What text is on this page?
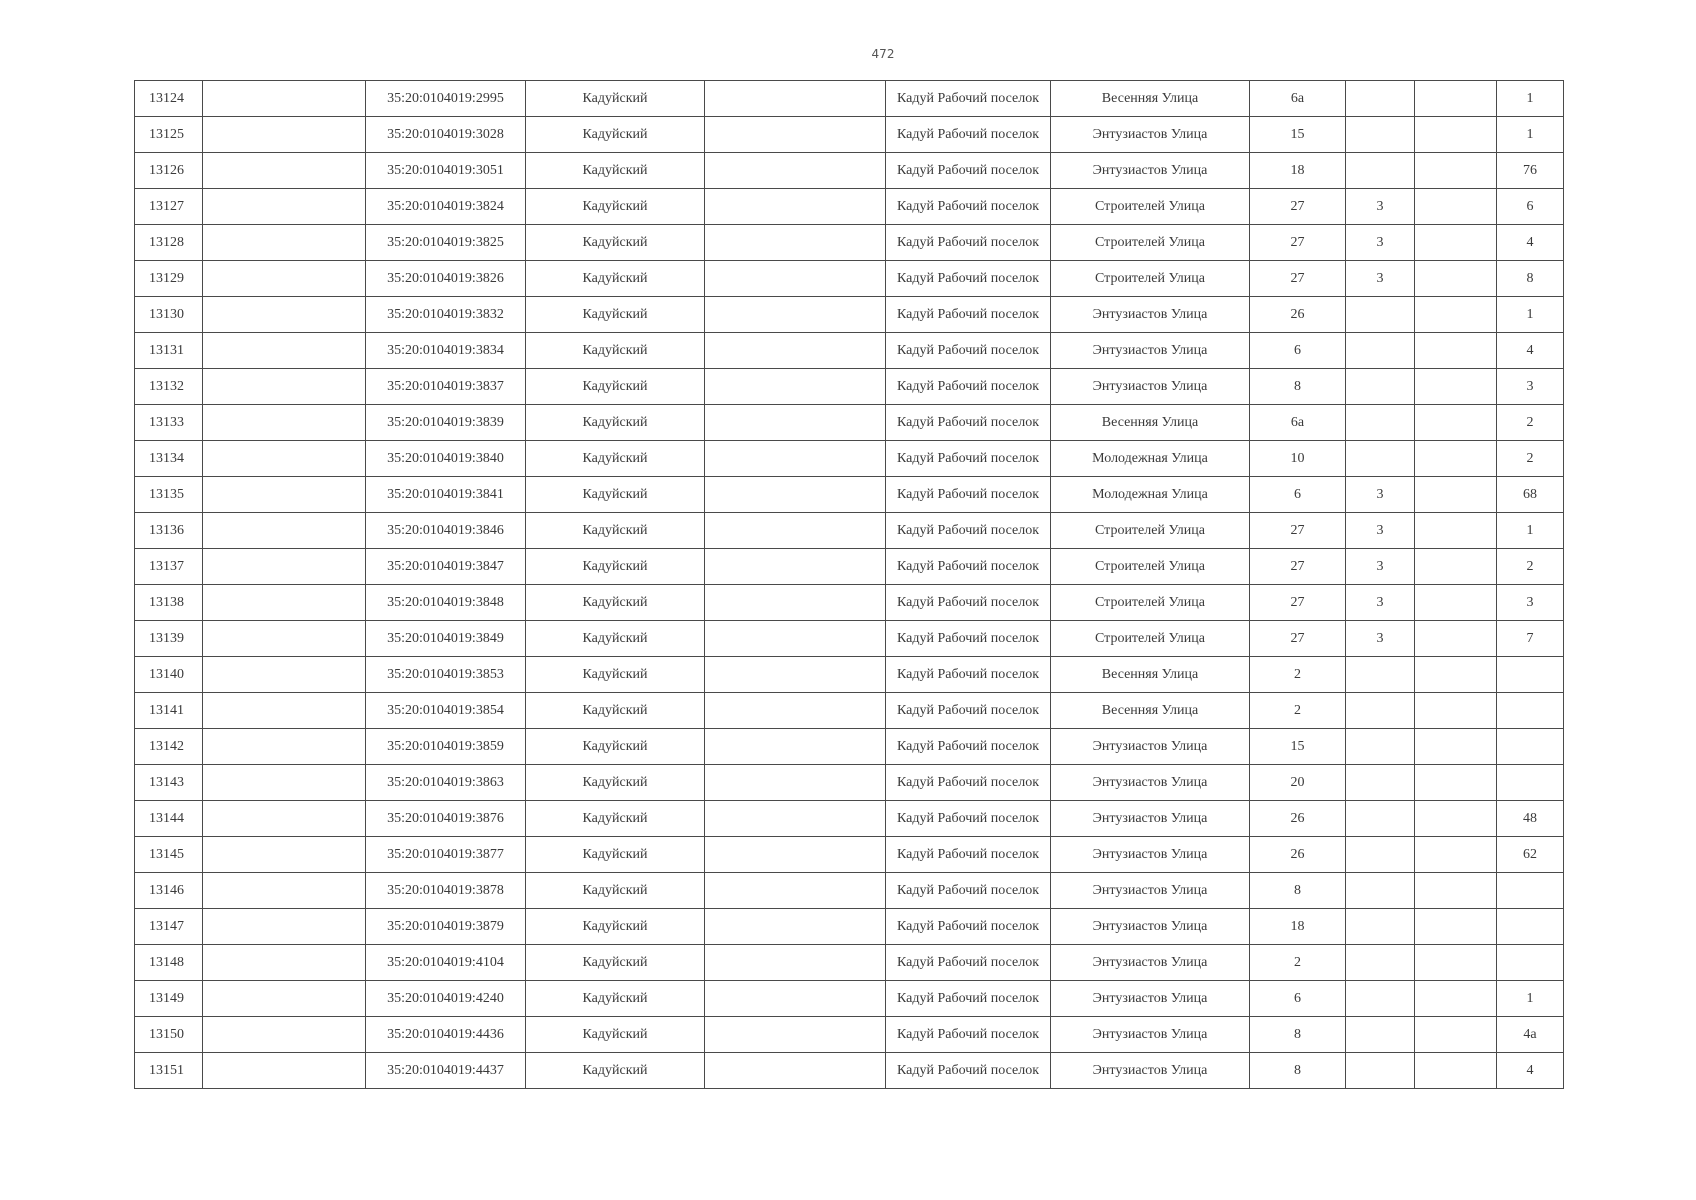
472
13124		35:20:0104019:2995	Кадуйский		Кадуй Рабочий поселок	Весенняя Улица	6а			1
13125		35:20:0104019:3028	Кадуйский		Кадуй Рабочий поселок	Энтузиастов Улица	15			1
13126		35:20:0104019:3051	Кадуйский		Кадуй Рабочий поселок	Энтузиастов Улица	18			76
13127		35:20:0104019:3824	Кадуйский		Кадуй Рабочий поселок	Строителей Улица	27	3		6
13128		35:20:0104019:3825	Кадуйский		Кадуй Рабочий поселок	Строителей Улица	27	3		4
13129		35:20:0104019:3826	Кадуйский		Кадуй Рабочий поселок	Строителей Улица	27	3		8
13130		35:20:0104019:3832	Кадуйский		Кадуй Рабочий поселок	Энтузиастов Улица	26			1
13131		35:20:0104019:3834	Кадуйский		Кадуй Рабочий поселок	Энтузиастов Улица	6			4
13132		35:20:0104019:3837	Кадуйский		Кадуй Рабочий поселок	Энтузиастов Улица	8			3
13133		35:20:0104019:3839	Кадуйский		Кадуй Рабочий поселок	Весенняя Улица	6а			2
13134		35:20:0104019:3840	Кадуйский		Кадуй Рабочий поселок	Молодежная Улица	10			2
13135		35:20:0104019:3841	Кадуйский		Кадуй Рабочий поселок	Молодежная Улица	6	3		68
13136		35:20:0104019:3846	Кадуйский		Кадуй Рабочий поселок	Строителей Улица	27	3		1
13137		35:20:0104019:3847	Кадуйский		Кадуй Рабочий поселок	Строителей Улица	27	3		2
13138		35:20:0104019:3848	Кадуйский		Кадуй Рабочий поселок	Строителей Улица	27	3		3
13139		35:20:0104019:3849	Кадуйский		Кадуй Рабочий поселок	Строителей Улица	27	3		7
13140		35:20:0104019:3853	Кадуйский		Кадуй Рабочий поселок	Весенняя Улица	2			
13141		35:20:0104019:3854	Кадуйский		Кадуй Рабочий поселок	Весенняя Улица	2			
13142		35:20:0104019:3859	Кадуйский		Кадуй Рабочий поселок	Энтузиастов Улица	15			
13143		35:20:0104019:3863	Кадуйский		Кадуй Рабочий поселок	Энтузиастов Улица	20			
13144		35:20:0104019:3876	Кадуйский		Кадуй Рабочий поселок	Энтузиастов Улица	26			48
13145		35:20:0104019:3877	Кадуйский		Кадуй Рабочий поселок	Энтузиастов Улица	26			62
13146		35:20:0104019:3878	Кадуйский		Кадуй Рабочий поселок	Энтузиастов Улица	8			
13147		35:20:0104019:3879	Кадуйский		Кадуй Рабочий поселок	Энтузиастов Улица	18			
13148		35:20:0104019:4104	Кадуйский		Кадуй Рабочий поселок	Энтузиастов Улица	2			
13149		35:20:0104019:4240	Кадуйский		Кадуй Рабочий поселок	Энтузиастов Улица	6			1
13150		35:20:0104019:4436	Кадуйский		Кадуй Рабочий поселок	Энтузиастов Улица	8			4а
13151		35:20:0104019:4437	Кадуйский		Кадуй Рабочий поселок	Энтузиастов Улица	8			4
